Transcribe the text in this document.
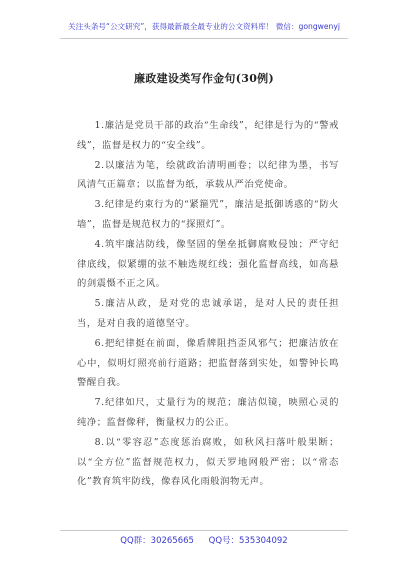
关注头条号“公文研究”，获得最新最全最专业的公文资料库！ 微信：gongwenyj
廉政建设类写作金句(30例)

1.廉洁是党员干部的政治“生命线”，纪律是行为的“警戒线”，监督是权力的“安全线”。

2.以廉洁为笔，绘就政治清明画卷；以纪律为墨，书写风清气正篇章；以监督为纸，承载从严治党使命。

3.纪律是约束行为的“紧箍咒”，廉洁是抵御诱惑的“防火墙”，监督是规范权力的“探照灯”。

4.筑牢廉洁防线，像坚固的堡垒抵御腐败侵蚀；严守纪律底线，似紧绷的弦不触选规红线；强化监督高线，如高悬的剑震慑不正之风。

5.廉洁从政，是对党的忠诚承诺，是对人民的责任担当，是对自我的道德坚守。

6.把纪律挺在前面，像盾牌阻挡歪风邪气；把廉洁放在心中，似明灯照亮前行道路；把监督落到实处，如警钟长鸣警醒自我。

7.纪律如尺，丈量行为的规范；廉洁似镜，映照心灵的纯净；监督像秤，衡量权力的公正。

8.以“零容忍”态度惩治腐败，如秋风扫落叶般果断；以“全方位”监督规范权力，似天罗地网般严密；以“常态化”教育筑牢防线，像春风化雨般润物无声。

QQ群：30265665 QQ号：535304092
